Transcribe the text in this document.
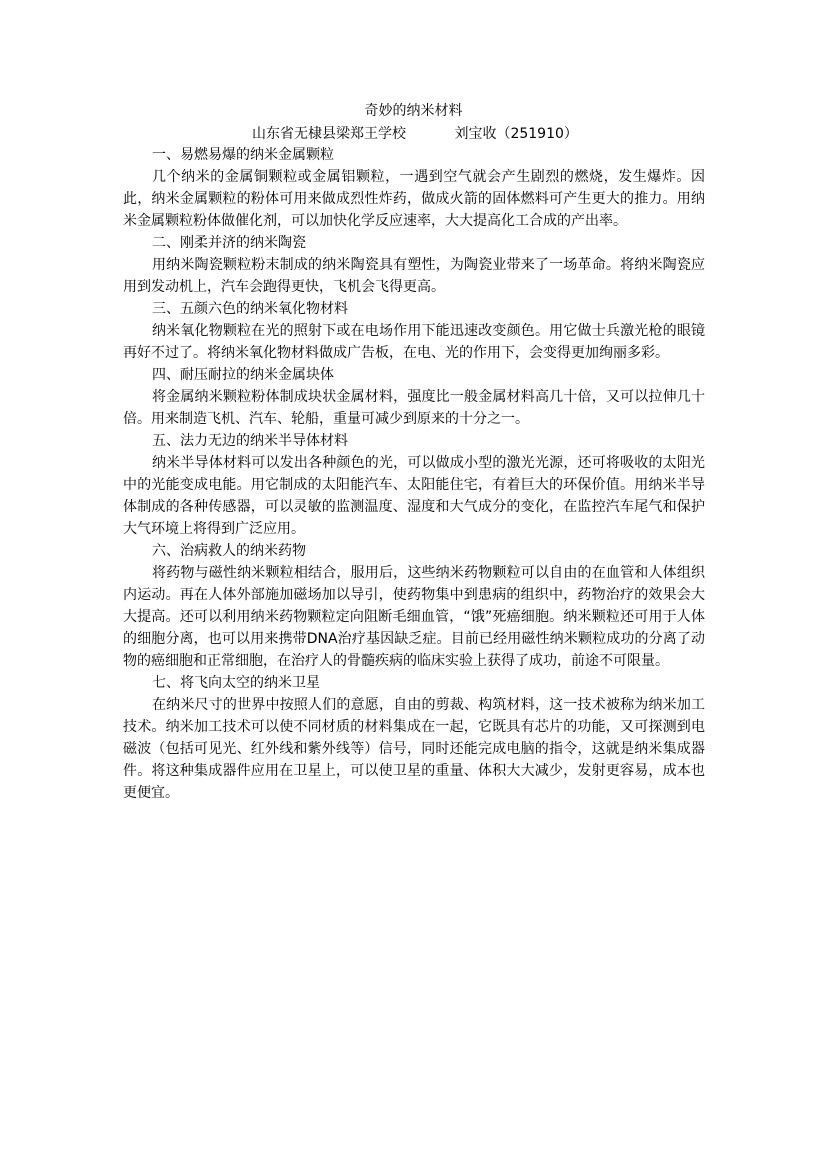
奇妙的纳米材料
山东省无棣县梁郑王学校	刘宝收（251910）

一、易燃易爆的纳米金属颗粒

几个纳米的金属铜颗粒或金属铝颗粒，一遇到空气就会产生剧烈的燃烧，发生爆炸。因此，纳米金属颗粒的粉体可用来做成烈性炸药，做成火箭的固体燃料可产生更大的推力。用纳米金属颗粒粉体做催化剂，可以加快化学反应速率，大大提高化工合成的产出率。

二、刚柔并济的纳米陶瓷

用纳米陶瓷颗粒粉末制成的纳米陶瓷具有塑性，为陶瓷业带来了一场革命。将纳米陶瓷应用到发动机上，汽车会跑得更快，飞机会飞得更高。

三、五颜六色的纳米氧化物材料

纳米氧化物颗粒在光的照射下或在电场作用下能迅速改变颜色。用它做士兵激光枪的眼镜再好不过了。将纳米氧化物材料做成广告板，在电、光的作用下，会变得更加绚丽多彩。

四、耐压耐拉的纳米金属块体

将金属纳米颗粒粉体制成块状金属材料，强度比一般金属材料高几十倍，又可以拉伸几十倍。用来制造飞机、汽车、轮船，重量可减少到原来的十分之一。

五、法力无边的纳米半导体材料

纳米半导体材料可以发出各种颜色的光，可以做成小型的激光光源，还可将吸收的太阳光中的光能变成电能。用它制成的太阳能汽车、太阳能住宅，有着巨大的环保价值。用纳米半导体制成的各种传感器，可以灵敏的监测温度、湿度和大气成分的变化，在监控汽车尾气和保护大气环境上将得到广泛应用。

六、治病救人的纳米药物

将药物与磁性纳米颗粒相结合，服用后，这些纳米药物颗粒可以自由的在血管和人体组织内运动。再在人体外部施加磁场加以导引，使药物集中到患病的组织中，药物治疗的效果会大大提高。还可以利用纳米药物颗粒定向阻断毛细血管，“饿”死癌细胞。纳米颗粒还可用于人体的细胞分离，也可以用来携带DNA治疗基因缺乏症。目前已经用磁性纳米颗粒成功的分离了动物的癌细胞和正常细胞，在治疗人的骨髓疾病的临床实验上获得了成功，前途不可限量。

七、将飞向太空的纳米卫星

在纳米尺寸的世界中按照人们的意愿，自由的剪裁、构筑材料，这一技术被称为纳米加工技术。纳米加工技术可以使不同材质的材料集成在一起，它既具有芯片的功能，又可探测到电磁波（包括可见光、红外线和紫外线等）信号，同时还能完成电脑的指令，这就是纳米集成器件。将这种集成器件应用在卫星上，可以使卫星的重量、体积大大减少，发射更容易，成本也更便宜。
